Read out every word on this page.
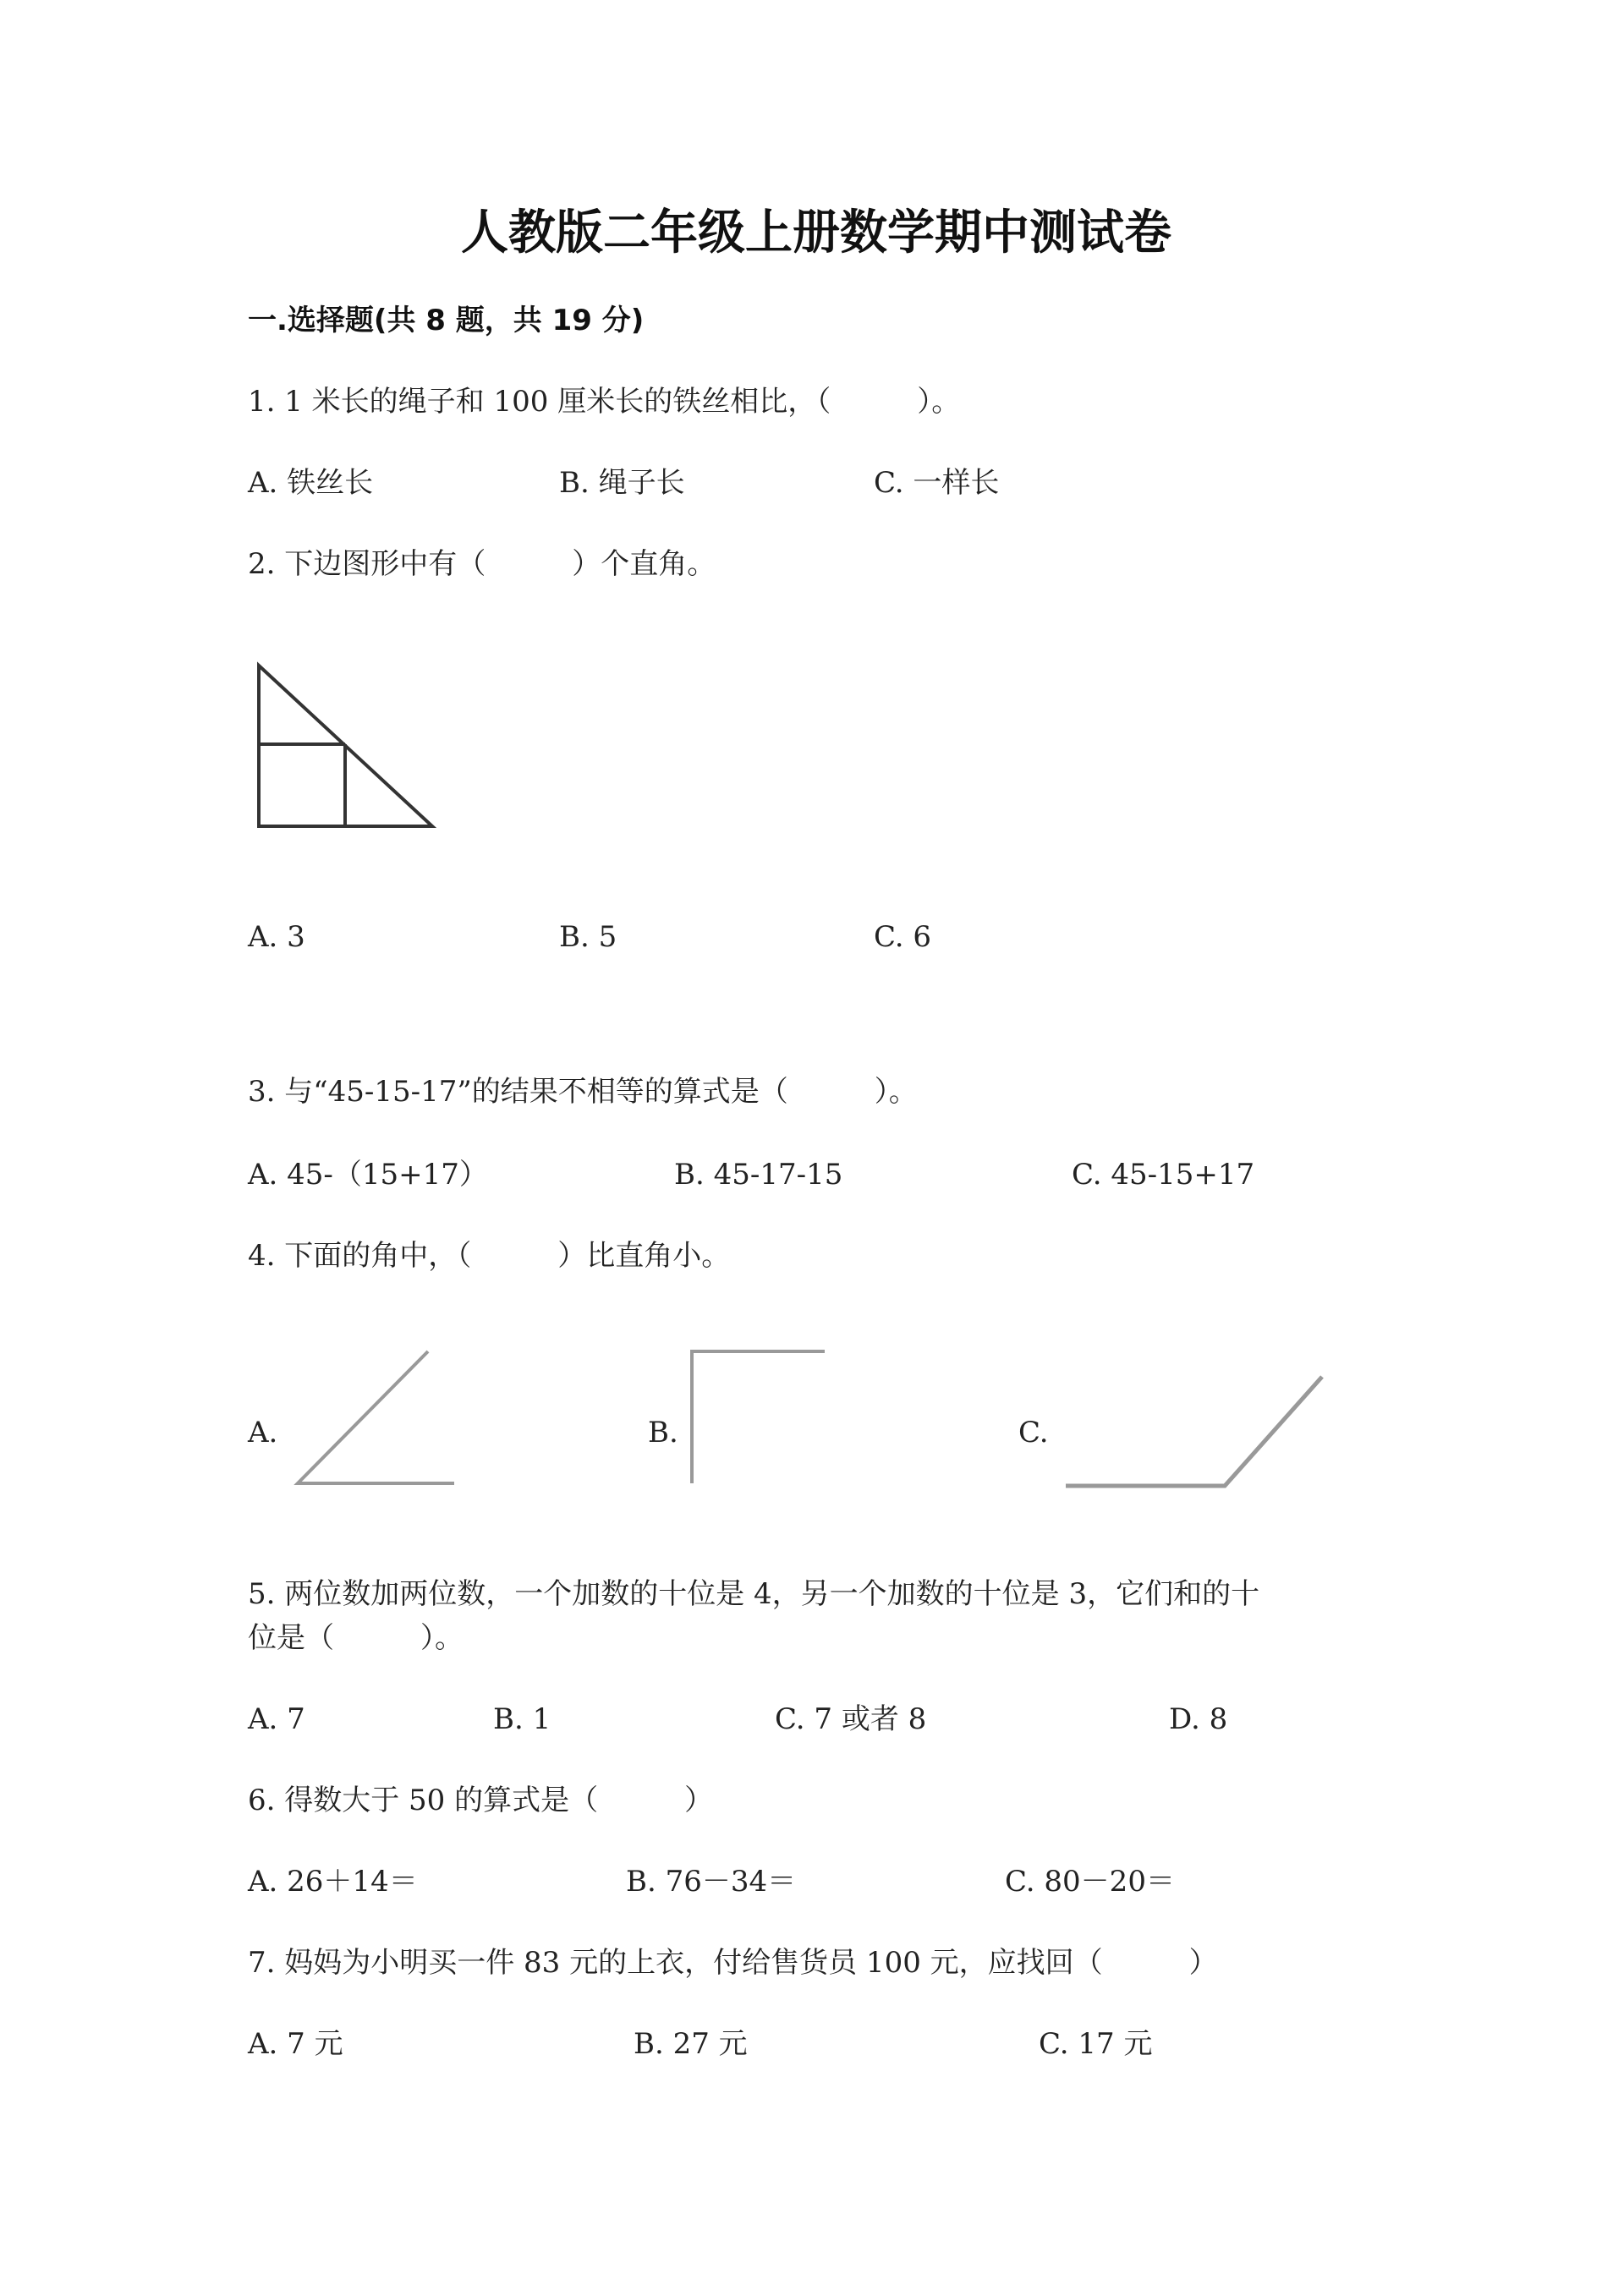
人教版二年级上册数学期中测试卷
一.选择题(共 8 题，共 19 分)
1. 1 米长的绳子和 100 厘米长的铁丝相比，（　　　）。
A. 铁丝长	B. 绳子长	C. 一样长
2. 下边图形中有（　　　）个直角。
A. 3	B. 5	C. 6
3. 与“45-15-17”的结果不相等的算式是（　　　）。
A. 45-（15+17）	B. 45-17-15	C. 45-15+17
4. 下面的角中，（　　　）比直角小。
A.	B.	C.
5. 两位数加两位数，一个加数的十位是 4，另一个加数的十位是 3，它们和的十
位是（　　　）。
A. 7	B. 1	C. 7 或者 8	D. 8
6. 得数大于 50 的算式是（　　　）
A. 26＋14＝	B. 76－34＝	C. 80－20＝
7. 妈妈为小明买一件 83 元的上衣，付给售货员 100 元，应找回（　　　）
A. 7 元	B. 27 元	C. 17 元
